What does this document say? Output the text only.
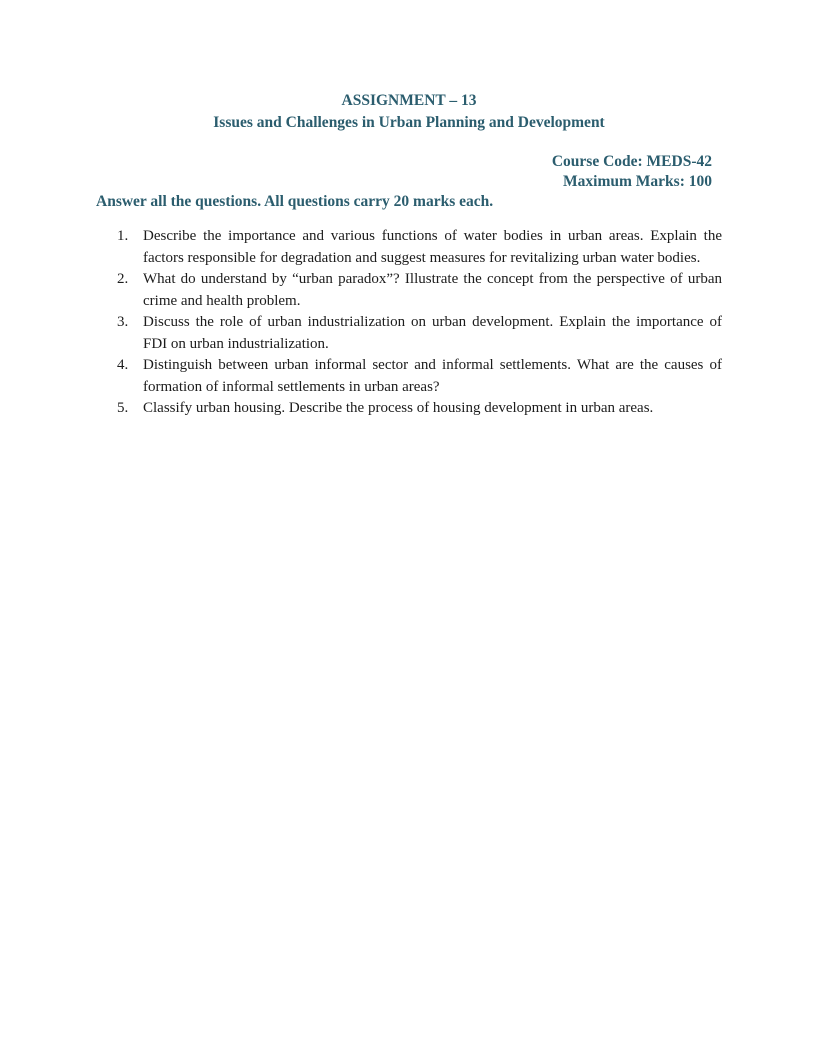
ASSIGNMENT – 13
Issues and Challenges in Urban Planning and Development
Course Code: MEDS-42
Maximum Marks: 100
Answer all the questions. All questions carry 20 marks each.
1. Describe the importance and various functions of water bodies in urban areas. Explain the factors responsible for degradation and suggest measures for revitalizing urban water bodies.
2. What do understand by “urban paradox”? Illustrate the concept from the perspective of urban crime and health problem.
3. Discuss the role of urban industrialization on urban development. Explain the importance of FDI on urban industrialization.
4. Distinguish between urban informal sector and informal settlements. What are the causes of formation of informal settlements in urban areas?
5. Classify urban housing. Describe the process of housing development in urban areas.
